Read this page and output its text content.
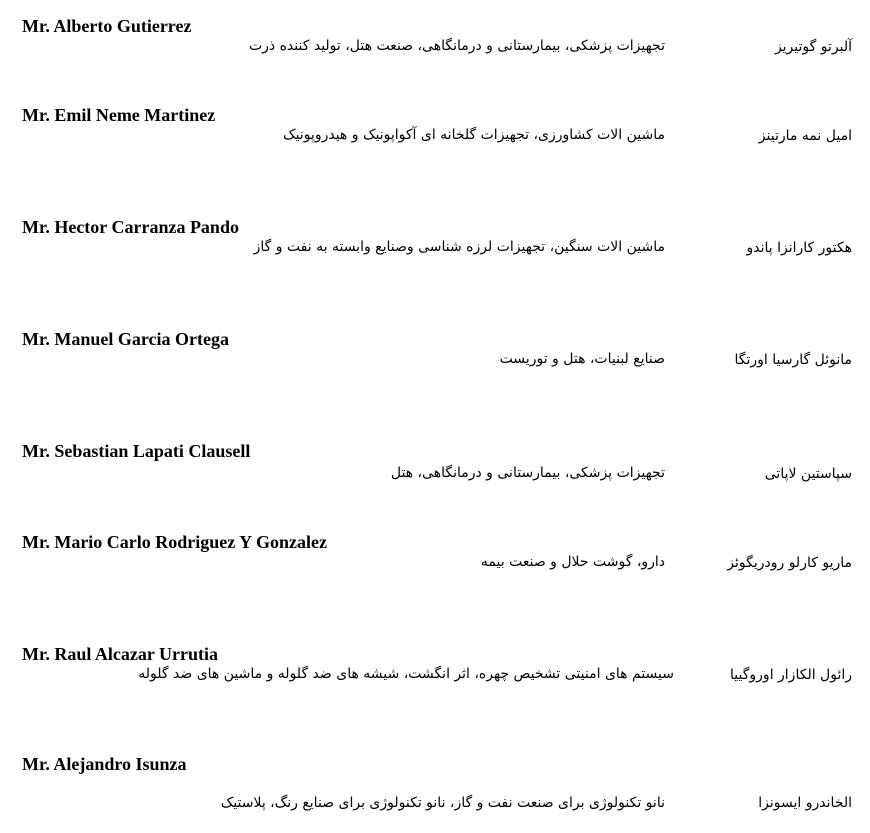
Mr. Alberto Gutierrez
آلبرتو گوتیریز
تجهیزات پزشکی، بیمارستانی و درمانگاهی، صنعت هتل، تولید کننده ذرت
Mr. Emil Neme Martinez
امیل نمه مارتینز
ماشین الات کشاورزی، تجهیزات گلخانه ای آکواپونیک و هیدروپونیک
Mr. Hector Carranza Pando
هکتور کارانزا پاندو
ماشین الات سنگین، تجهیزات لرزه شناسی وصنایع وابسته به نفت و گاز
Mr. Manuel Garcia Ortega
مانوئل گارسیا اورتگا
صنایع لبنیات، هتل و توریست
Mr. Sebastian Lapati Clausell
سپاستین لاپاتی
تجهیزات پزشکی، بیمارستانی و درمانگاهی، هتل
Mr. Mario Carlo Rodriguez Y Gonzalez
ماریو کارلو رودریگوئز
دارو، گوشت حلال و صنعت بیمه
Mr. Raul Alcazar Urrutia
رائول الکازار اوروگییا
سیستم های امنیتی تشخیص چهره، اثر انگشت، شیشه های ضد گلوله و ماشین های ضد گلوله
Mr. Alejandro Isunza
الخاندرو ایسونزا
نانو تکنولوژی برای صنعت نفت و گاز، نانو تکنولوژی برای صنایع رنگ، پلاستیک
